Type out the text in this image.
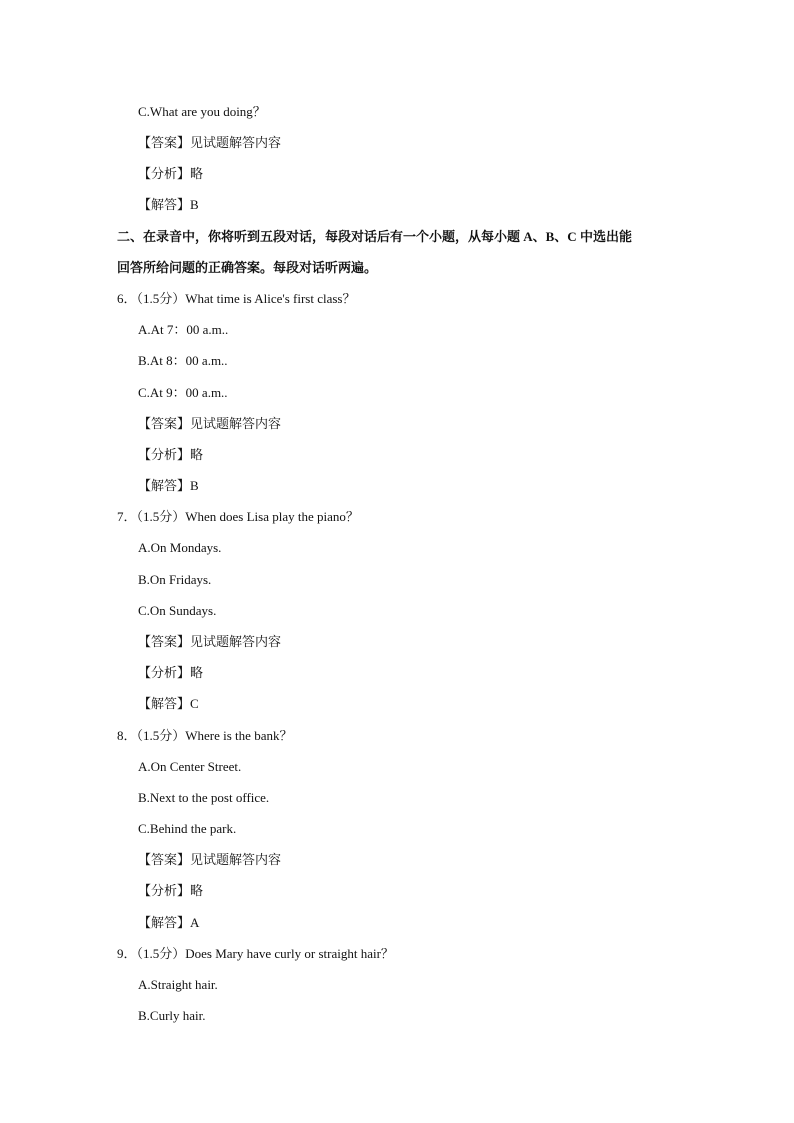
C.What are you doing？
【答案】见试题解答内容
【分析】略
【解答】B
二、在录音中，你将听到五段对话，每段对话后有一个小题，从每小题 A、B、C 中选出能
回答所给问题的正确答案。每段对话听两遍。
6．（1.5分）What time is Alice's first class？
A.At 7：00 a.m..
B.At 8：00 a.m..
C.At 9：00 a.m..
【答案】见试题解答内容
【分析】略
【解答】B
7．（1.5分）When does Lisa play the piano？
A.On Mondays.
B.On Fridays.
C.On Sundays.
【答案】见试题解答内容
【分析】略
【解答】C
8．（1.5分）Where is the bank？
A.On Center Street.
B.Next to the post office.
C.Behind the park.
【答案】见试题解答内容
【分析】略
【解答】A
9．（1.5分）Does Mary have curly or straight hair？
A.Straight hair.
B.Curly hair.
